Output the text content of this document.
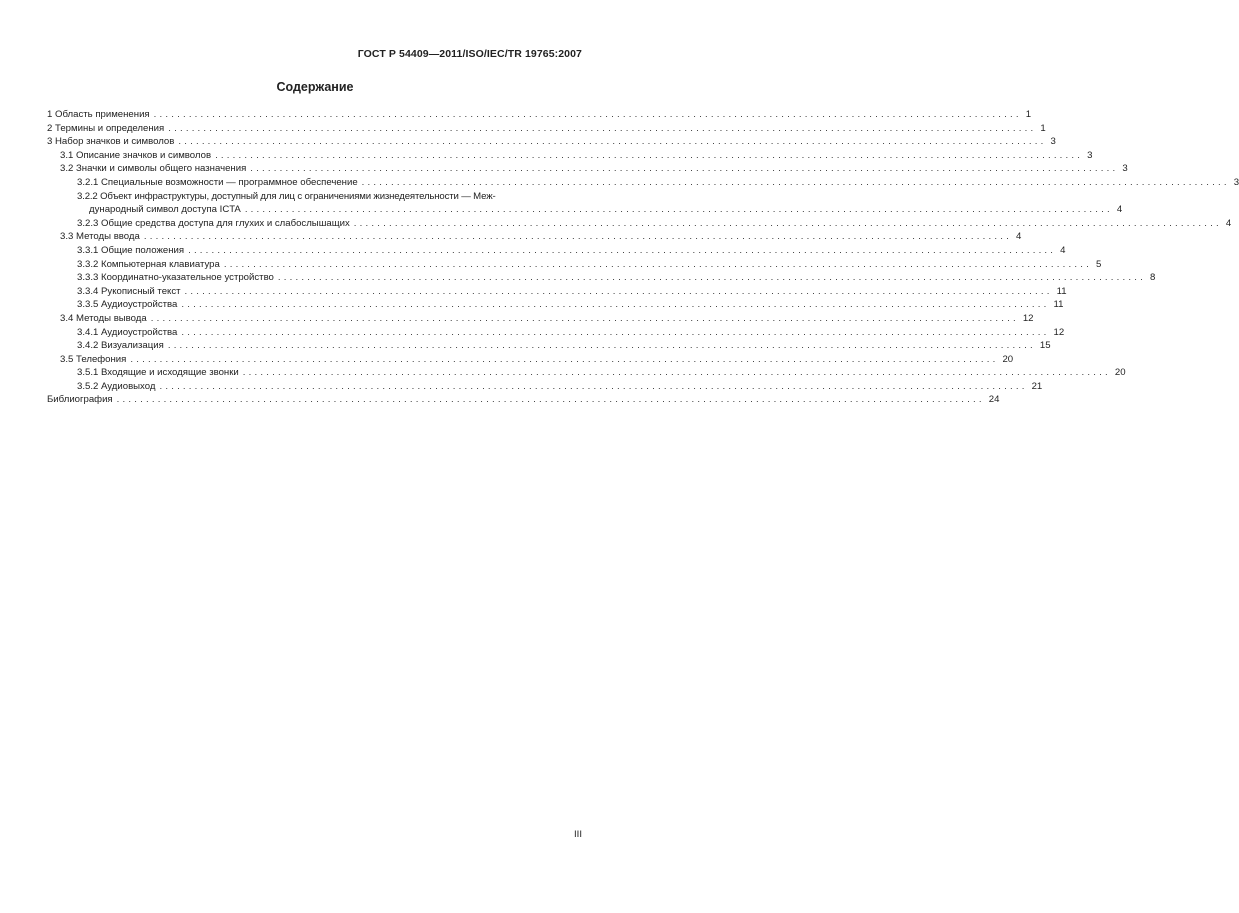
ГОСТ Р 54409—2011/ISO/IEC/TR 19765:2007
Содержание
1 Область применения .................................................................................................................................................... 1
2 Термины и определения .................................................................................................................................................... 1
3 Набор значков и символов .................................................................................................................................................... 3
3.1 Описание значков и символов .................................................................................................................................................... 3
3.2 Значки и символы общего назначения .................................................................................................................................................... 3
3.2.1 Специальные возможности — программное обеспечение .................................................................................................................................................... 3
3.2.2 Объект инфраструктуры, доступный для лиц с ограничениями жизнедеятельности — Меж-
дународный символ доступа ICTA .................................................................................................................................................... 4
3.2.3 Общие средства доступа для глухих и слабослышащих .................................................................................................................................................... 4
3.3 Методы ввода .................................................................................................................................................... 4
3.3.1 Общие положения .................................................................................................................................................... 4
3.3.2 Компьютерная клавиатура .................................................................................................................................................... 5
3.3.3 Координатно-указательное устройство .................................................................................................................................................... 8
3.3.4 Рукописный текст .................................................................................................................................................... 11
3.3.5 Аудиоустройства .................................................................................................................................................... 11
3.4 Методы вывода .................................................................................................................................................... 12
3.4.1 Аудиоустройства .................................................................................................................................................... 12
3.4.2 Визуализация .................................................................................................................................................... 15
3.5 Телефония .................................................................................................................................................... 20
3.5.1 Входящие и исходящие звонки .................................................................................................................................................... 20
3.5.2 Аудиовыход .................................................................................................................................................... 21
Библиография .................................................................................................................................................... 24
III
